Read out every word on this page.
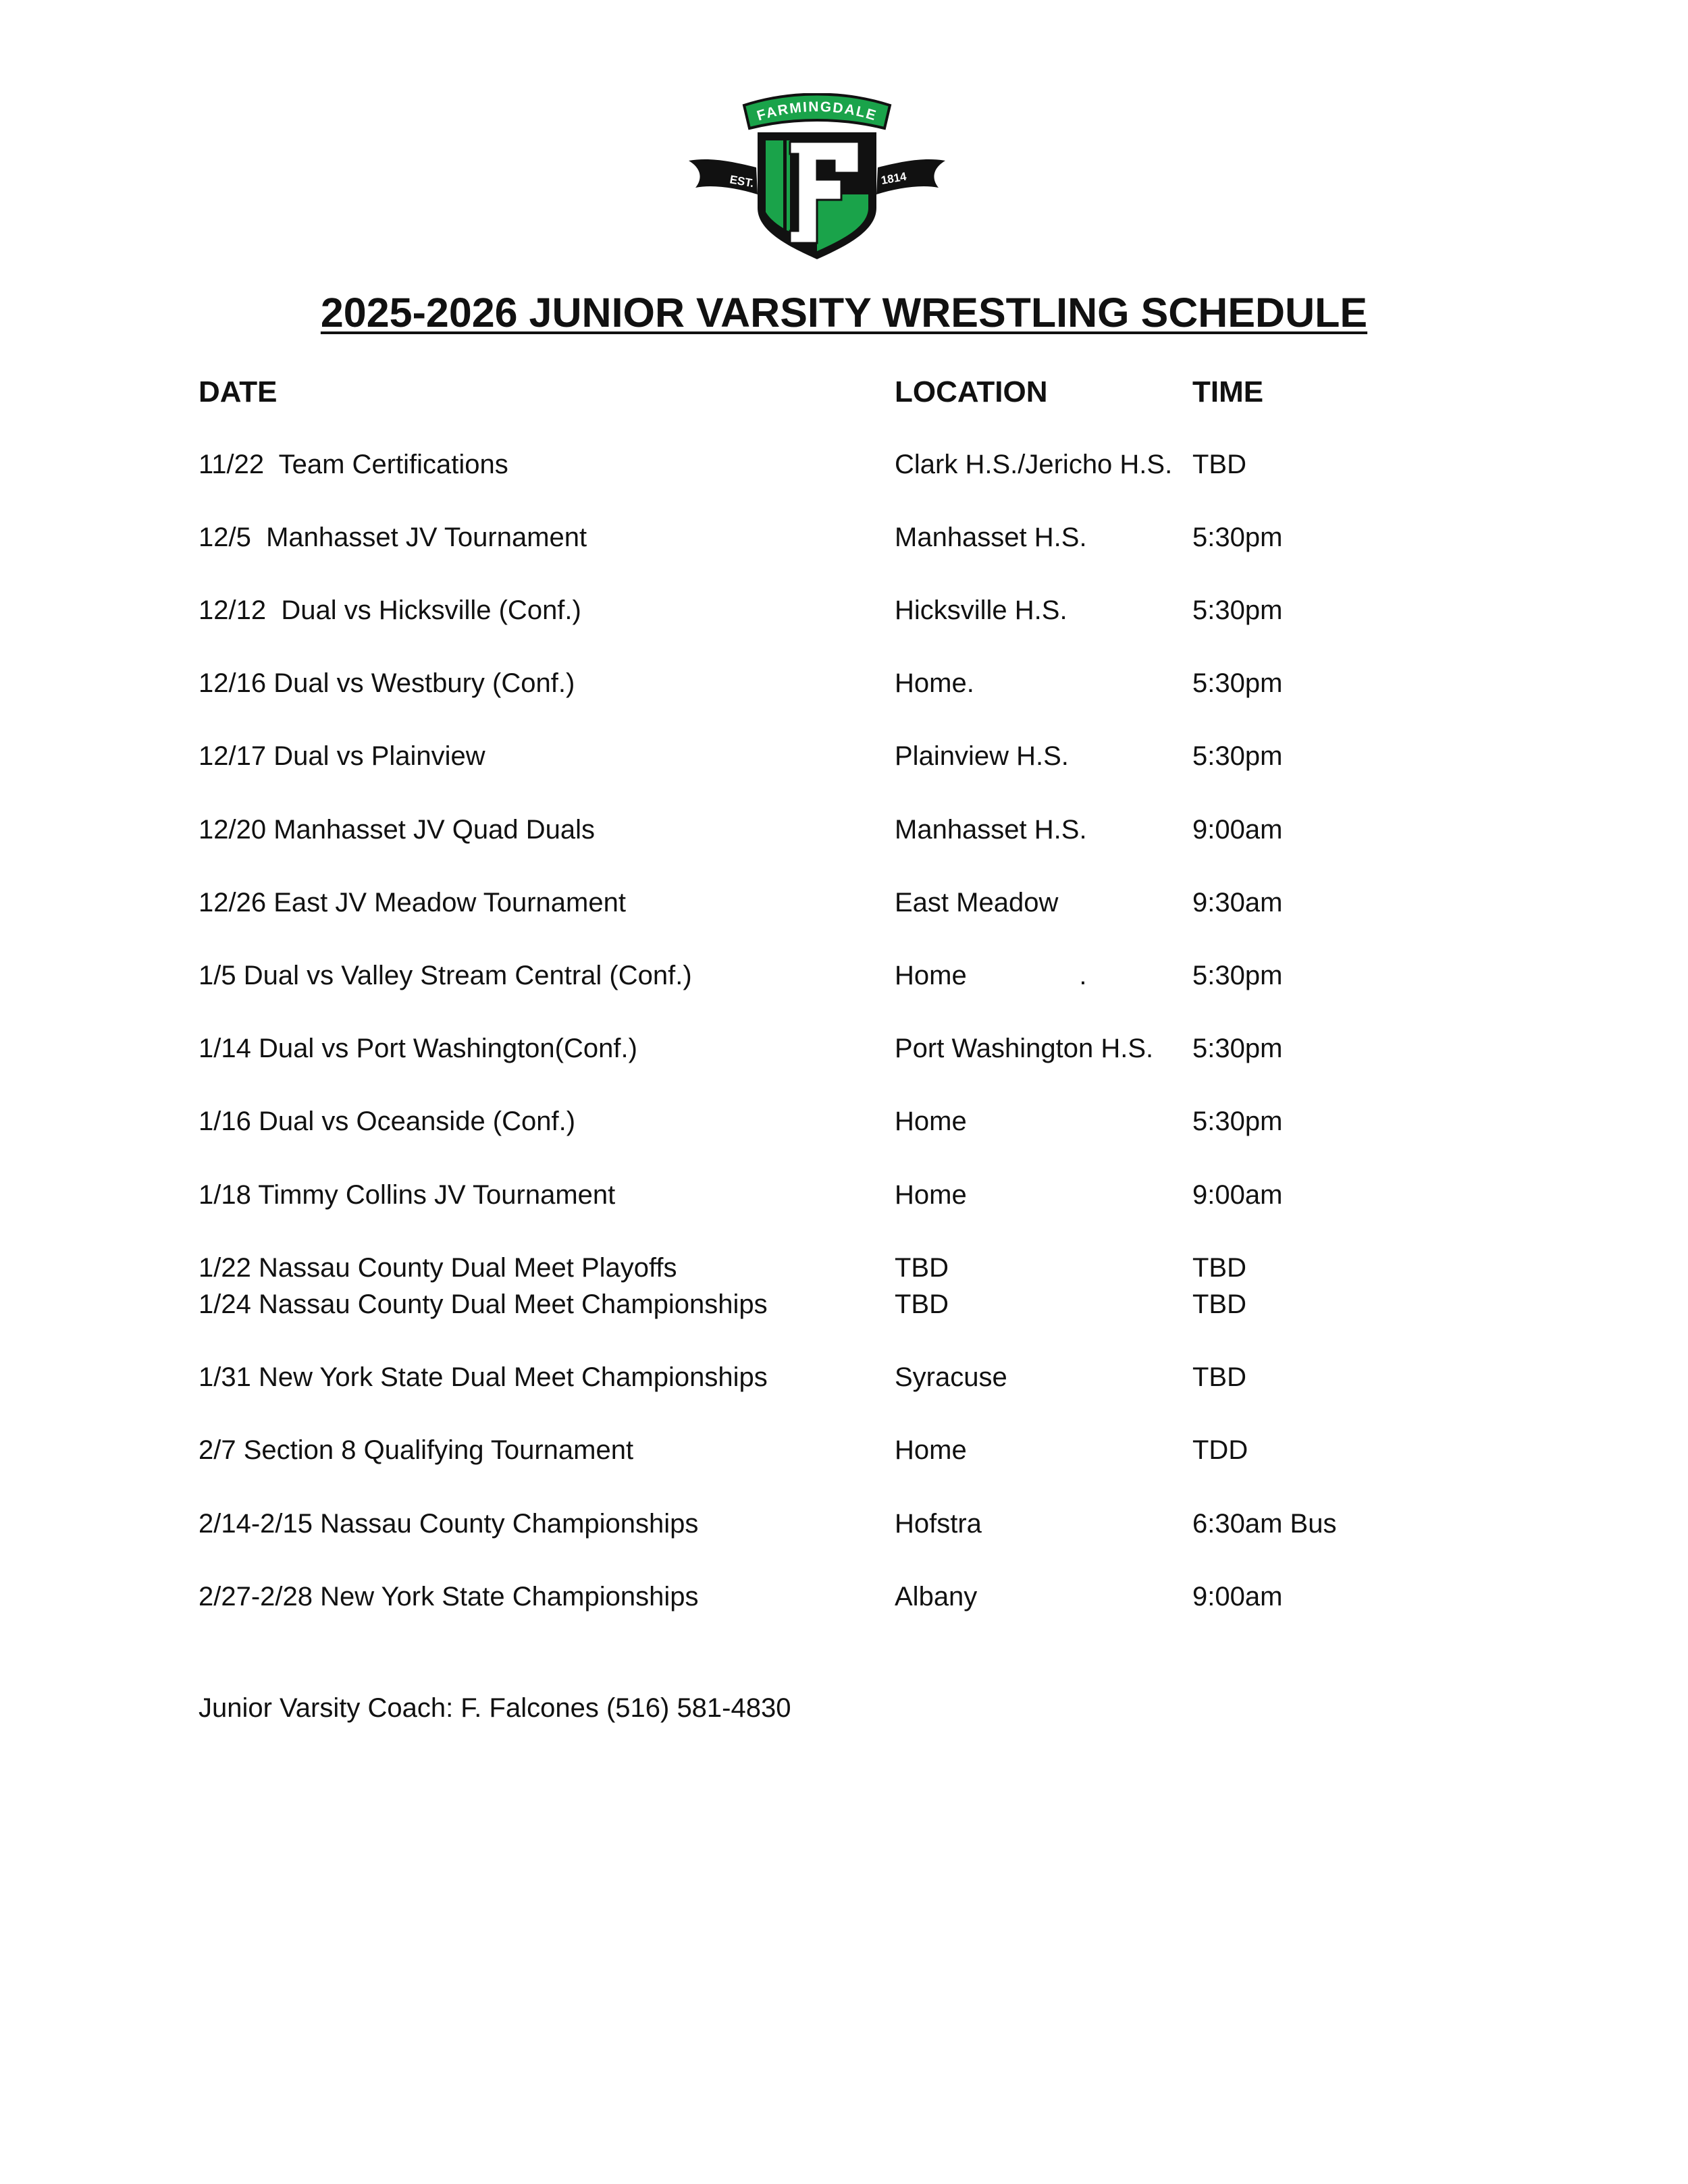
EST.	1814
FARMINGDALE
2025-2026 JUNIOR VARSITY WRESTLING SCHEDULE
DATE	LOCATION	TIME
11/22  Team Certifications	Clark H.S./Jericho H.S. TBD
12/5  Manhasset JV Tournament	Manhasset H.S.	5:30pm
12/12  Dual vs Hicksville (Conf.)	Hicksville H.S.	5:30pm
12/16 Dual vs Westbury (Conf.)	Home.	5:30pm
12/17 Dual vs Plainview	Plainview H.S.	5:30pm
12/20 Manhasset JV Quad Duals	Manhasset H.S.	9:00am
12/26 East JV Meadow Tournament	East Meadow	9:30am
1/5 Dual vs Valley Stream Central (Conf.)	Home               .	5:30pm
1/14 Dual vs Port Washington(Conf.)	Port Washington H.S. 5:30pm
1/16 Dual vs Oceanside (Conf.)	Home	5:30pm
1/18 Timmy Collins JV Tournament	Home	9:00am
1/22 Nassau County Dual Meet Playoffs	TBD	TBD
1/24 Nassau County Dual Meet Championships	TBD	TBD
1/31 New York State Dual Meet Championships	Syracuse	TBD
2/7 Section 8 Qualifying Tournament	Home	TDD
2/14-2/15 Nassau County Championships	Hofstra	6:30am Bus
2/27-2/28 New York State Championships	Albany	9:00am
Junior Varsity Coach: F. Falcones (516) 581-4830
